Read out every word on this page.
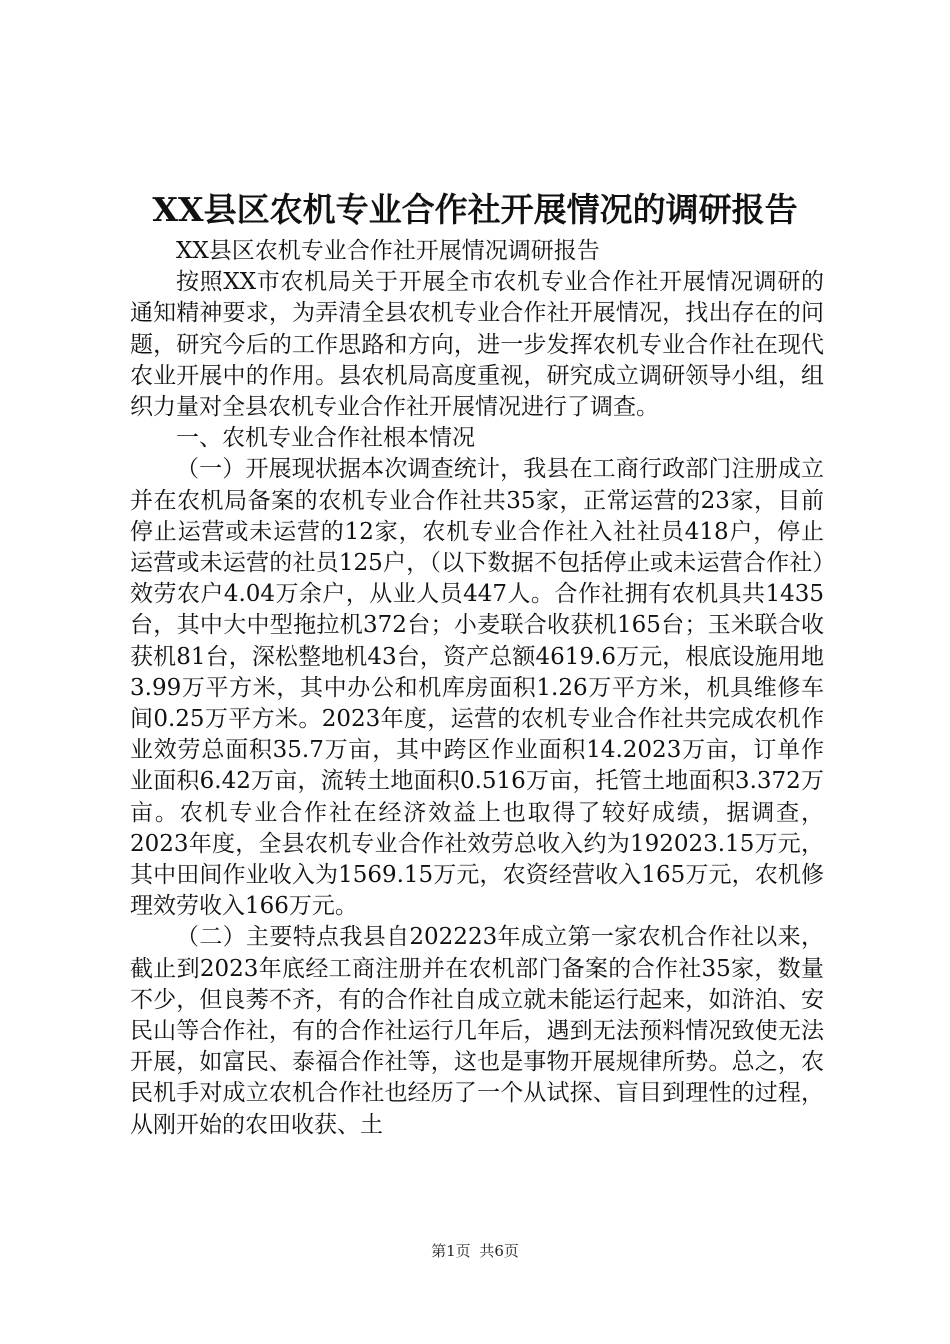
XX县区农机专业合作社开展情况的调研报告

XX县区农机专业合作社开展情况调研报告

按照XX市农机局关于开展全市农机专业合作社开展情况调研的通知精神要求，为弄清全县农机专业合作社开展情况，找出存在的问题，研究今后的工作思路和方向，进一步发挥农机专业合作社在现代农业开展中的作用。县农机局高度重视，研究成立调研领导小组，组织力量对全县农机专业合作社开展情况进行了调查。

一、农机专业合作社根本情况

（一）开展现状据本次调查统计，我县在工商行政部门注册成立并在农机局备案的农机专业合作社共35家，正常运营的23家，目前停止运营或未运营的12家，农机专业合作社入社社员418户，停止运营或未运营的社员125户，（以下数据不包括停止或未运营合作社）效劳农户4.04万余户，从业人员447人。合作社拥有农机具共1435台，其中大中型拖拉机372台；小麦联合收获机165台；玉米联合收获机81台，深松整地机43台，资产总额4619.6万元，根底设施用地3.99万平方米，其中办公和机库房面积1.26万平方米，机具维修车间0.25万平方米。2023年度，运营的农机专业合作社共完成农机作业效劳总面积35.7万亩，其中跨区作业面积14.2023万亩，订单作业面积6.42万亩，流转土地面积0.516万亩，托管土地面积3.372万亩。农机专业合作社在经济效益上也取得了较好成绩，据调查，2023年度，全县农机专业合作社效劳总收入约为192023.15万元，其中田间作业收入为1569.15万元，农资经营收入165万元，农机修理效劳收入166万元。

（二）主要特点我县自202223年成立第一家农机合作社以来，截止到2023年底经工商注册并在农机部门备案的合作社35家，数量不少，但良莠不齐，有的合作社自成立就未能运行起来，如浒泊、安民山等合作社，有的合作社运行几年后，遇到无法预料情况致使无法开展，如富民、泰福合作社等，这也是事物开展规律所势。总之，农民机手对成立农机合作社也经历了一个从试探、盲目到理性的过程，从刚开始的农田收获、土

第1页 共6页
